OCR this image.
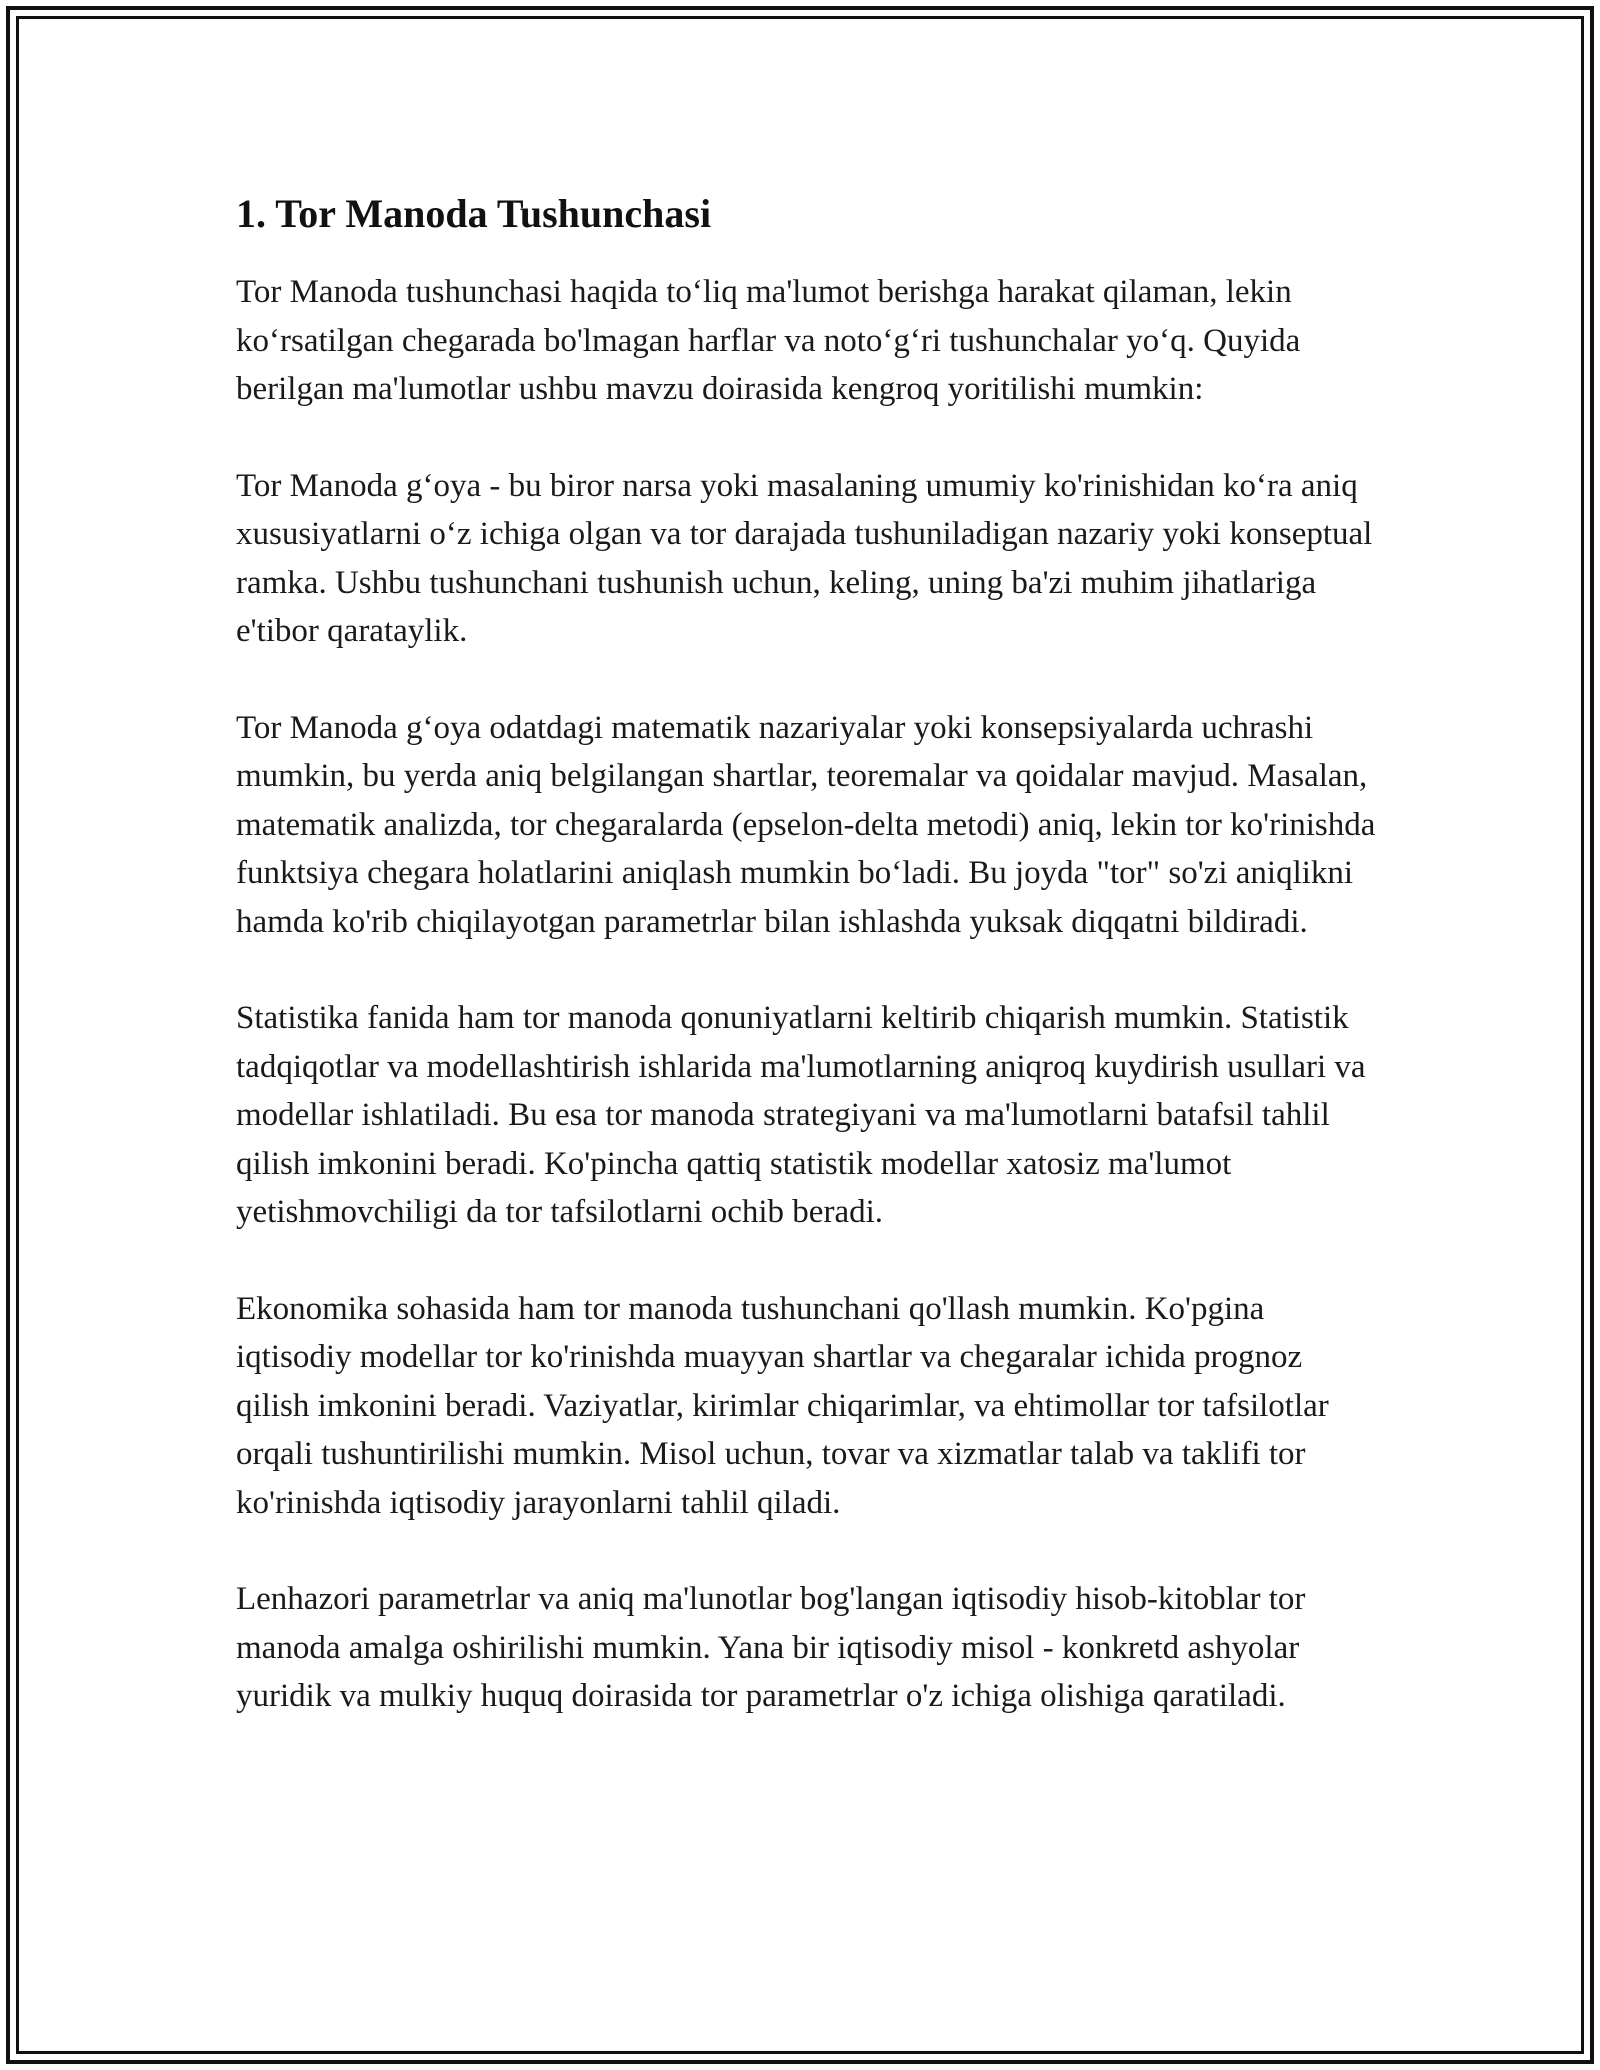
1. Tor Manoda Tushunchasi

Tor Manoda tushunchasi haqida to‘liq ma'lumot berishga harakat qilaman, lekin ko‘rsatilgan chegarada bo'lmagan harflar va noto‘g‘ri tushunchalar yo‘q. Quyida berilgan ma'lumotlar ushbu mavzu doirasida kengroq yoritilishi mumkin:

Tor Manoda g‘oya - bu biror narsa yoki masalaning umumiy ko'rinishidan ko‘ra aniq xususiyatlarni o‘z ichiga olgan va tor darajada tushuniladigan nazariy yoki konseptual ramka. Ushbu tushunchani tushunish uchun, keling, uning ba'zi muhim jihatlariga e'tibor qarataylik.

Tor Manoda g‘oya odatdagi matematik nazariyalar yoki konsepsiyalarda uchrashi mumkin, bu yerda aniq belgilangan shartlar, teoremalar va qoidalar mavjud. Masalan, matematik analizda, tor chegaralarda (epselon-delta metodi) aniq, lekin tor ko'rinishda funktsiya chegara holatlarini aniqlash mumkin bo‘ladi. Bu joyda "tor" so'zi aniqlikni hamda ko'rib chiqilayotgan parametrlar bilan ishlashda yuksak diqqatni bildiradi.

Statistika fanida ham tor manoda qonuniyatlarni keltirib chiqarish mumkin. Statistik tadqiqotlar va modellashtirish ishlarida ma'lumotlarning aniqroq kuydirish usullari va modellar ishlatiladi. Bu esa tor manoda strategiyani va ma'lumotlarni batafsil tahlil qilish imkonini beradi. Ko'pincha qattiq statistik modellar xatosiz ma'lumot yetishmovchiligi da tor tafsilotlarni ochib beradi.

Ekonomika sohasida ham tor manoda tushunchani qo'llash mumkin. Ko'pgina iqtisodiy modellar tor ko'rinishda muayyan shartlar va chegaralar ichida prognoz qilish imkonini beradi. Vaziyatlar, kirimlar chiqarimlar, va ehtimollar tor tafsilotlar orqali tushuntirilishi mumkin. Misol uchun, tovar va xizmatlar talab va taklifi tor ko'rinishda iqtisodiy jarayonlarni tahlil qiladi.

Lenhazori parametrlar va aniq ma'lunotlar bog'langan iqtisodiy hisob-kitoblar tor manoda amalga oshirilishi mumkin. Yana bir iqtisodiy misol - konkretd ashyolar yuridik va mulkiy huquq doirasida tor parametrlar o'z ichiga olishiga qaratiladi.
